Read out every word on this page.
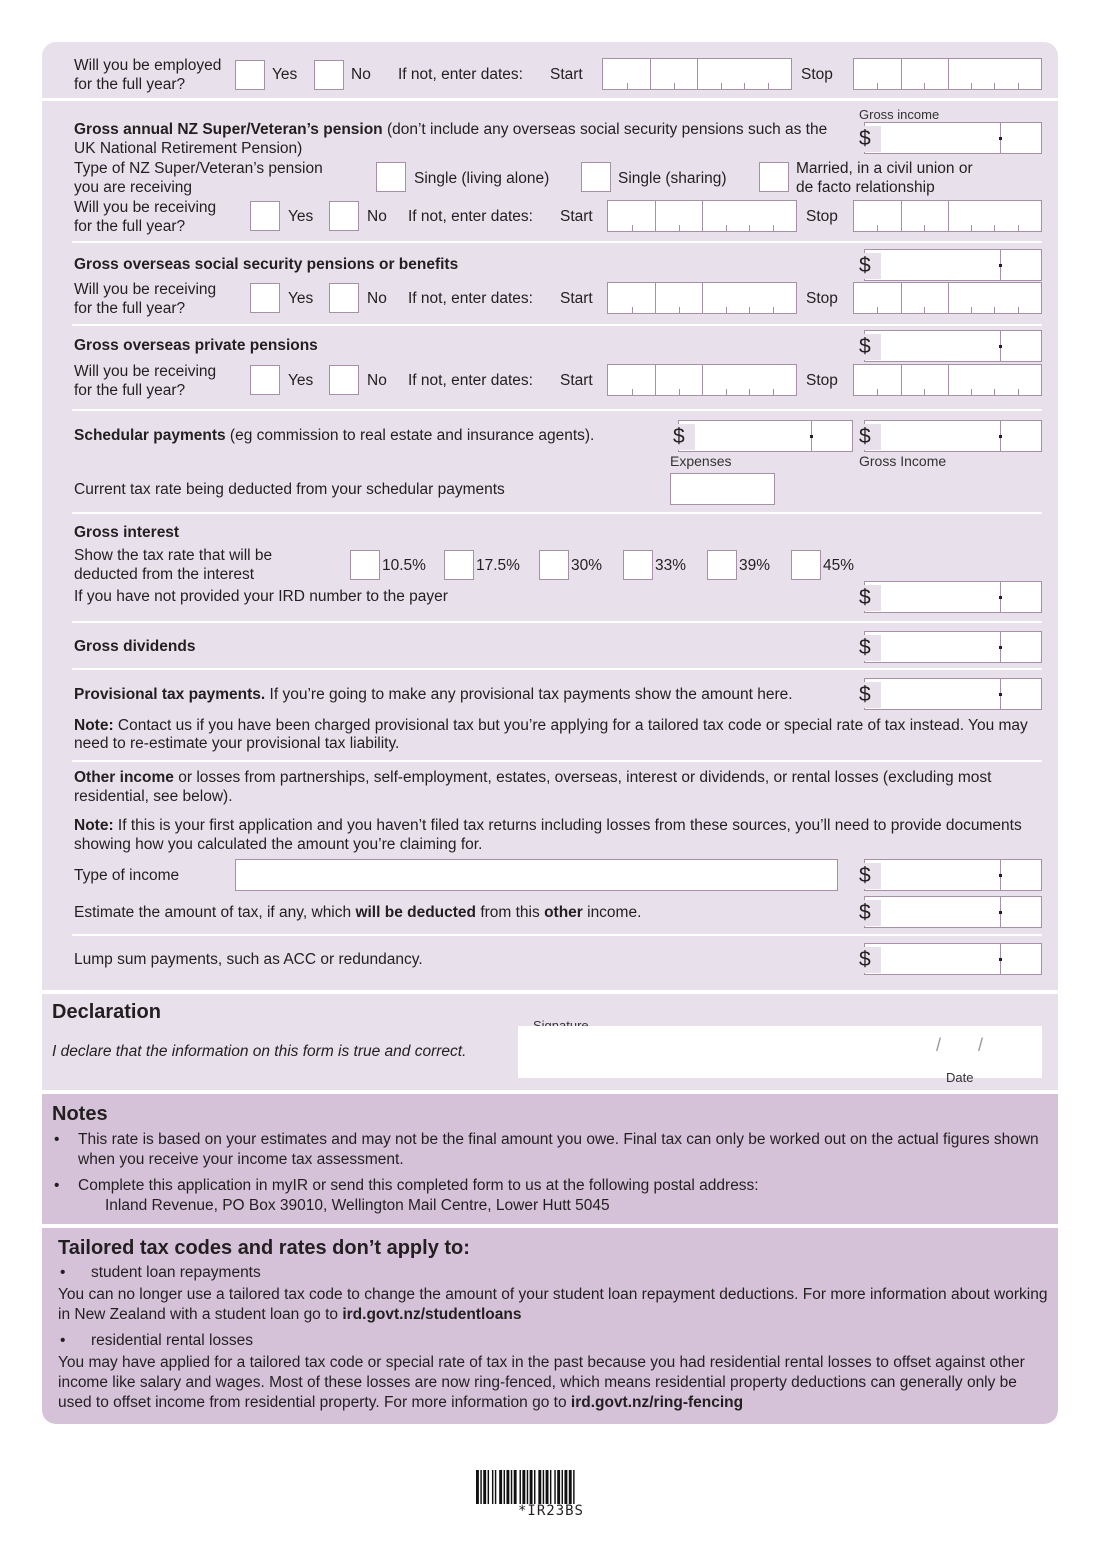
Will you be employed
for the full year?
Yes	No If not, enter dates: Start	Stop
Gross income
Gross annual NZ Super/Veteran’s pension (don’t include any overseas social security pensions such as the UK National Retirement Pension)	$
Type of NZ Super/Veteran’s pension
you are receiving
Single (living alone)	Single (sharing)
Married, in a civil union or
de facto relationship
Will you be receiving
for the full year?
Yes	No If not, enter dates: Start	Stop
Gross overseas social security pensions or benefits	$
Will you be receiving
for the full year?
Yes	No If not, enter dates: Start	Stop
Gross overseas private pensions	$
Will you be receiving
for the full year?
Yes	No If not, enter dates: Start	Stop
Schedular payments (eg commission to real estate and insurance agents).	$	$
Expenses	Gross Income
Current tax rate being deducted from your schedular payments
Gross interest
Show the tax rate that will be
deducted from the interest
10.5%	17.5%	30%	33%	39%	45%
If you have not provided your IRD number to the payer	$
Gross dividends	$
Provisional tax payments. If you’re going to make any provisional tax payments show the amount here.	$
Note: Contact us if you have been charged provisional tax but you’re applying for a tailored tax code or special rate of tax instead. You may need to re-estimate your provisional tax liability.
Other income or losses from partnerships, self-employment, estates, overseas, interest or dividends, or rental losses (excluding most residential, see below).
Note: If this is your first application and you haven’t filed tax returns including losses from these sources, you’ll need to provide documents showing how you calculated the amount you’re claiming for.
Type of income	$
Estimate the amount of tax, if any, which will be deducted from this other income.	$
Lump sum payments, such as ACC or redundancy.	$
Declaration
I declare that the information on this form is true and correct.	/ /
Date
Notes
• This rate is based on your estimates and may not be the final amount you owe. Final tax can only be worked out on the actual figures shown when you receive your income tax assessment.
• Complete this application in myIR or send this completed form to us at the following postal address:
Inland Revenue, PO Box 39010, Wellington Mail Centre, Lower Hutt 5045
Tailored tax codes and rates don’t apply to:
• student loan repayments
You can no longer use a tailored tax code to change the amount of your student loan repayment deductions. For more information about working in New Zealand with a student loan go to ird.govt.nz/studentloans
• residential rental losses
You may have applied for a tailored tax code or special rate of tax in the past because you had residential rental losses to offset against other income like salary and wages. Most of these losses are now ring-fenced, which means residential property deductions can generally only be used to offset income from residential property. For more information go to ird.govt.nz/ring-fencing
*IR23BS
